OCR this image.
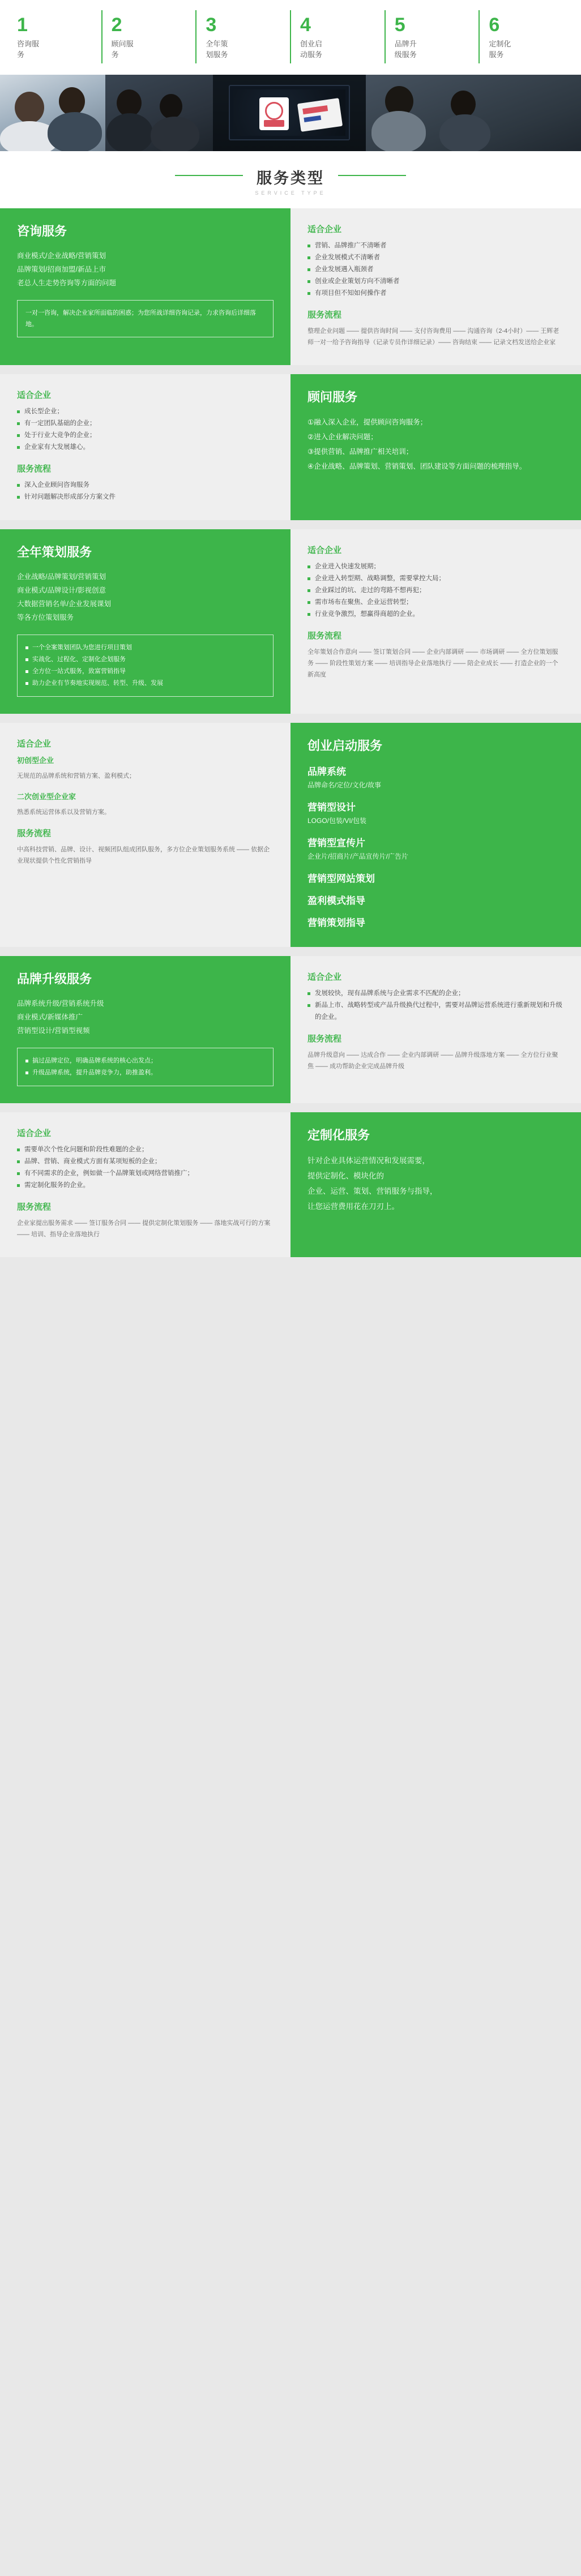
1
咨询服务
2
顾问服务
3
全年策划服务
4
创业启动服务
5
品牌升级服务
6
定制化服务
服务类型
SERVICE TYPE
咨询服务
商业模式/企业战略/营销策划
品牌策划/招商加盟/新品上市
老总人生走势咨询等方面的问题
一对一咨询，解决企业家所面临的困惑；为您所战详细咨询记录，力求咨询后详细落地。
适合企业
营销、品牌推广不清晰者
企业发展模式不清晰者
企业发展遇入瓶颈者
创业或企业策划方向不清晰者
有项目但不知如何操作者
服务流程
整理企业问题 —— 提供咨询时间 —— 支付咨询费用 —— 沟通咨询（2-4小时）—— 王辉老师一对一给予咨询指导（记录专员作详细记录）—— 咨询结束 —— 记录文档发送给企业家
适合企业
成长型企业；
有一定团队基础的企业；
处于行业大竞争的企业；
企业家有大发展雄心。
服务流程
深入企业顾问咨询服务
针对问题解决形成部分方案文件
顾问服务
①融入深入企业，提供顾问咨询服务；
②进入企业解决问题；
③提供营销、品牌推广相关培训；
④企业战略、品牌策划、营销策划、团队建设等方面问题的梳理指导。
全年策划服务
企业战略/品牌策划/营销策划
商业模式/品牌设计/影视创意
大数据营销名单/企业发展课划
等各方位策划服务
一个全案策划团队为您进行项目策划
实战化、过程化、定制化企划服务
全方位一站式服务，致富营销指导
助力企业有节奏地实现规范、转型、升级、发展
适合企业
企业进入快速发展期；
企业进入转型期、战略调整，需要掌控大局；
企业踩过的坑、走过的弯路不想再犯；
需市场布在聚焦、企业运营转型；
行业竞争激烈，想赢得商超的企业。
服务流程
全年策划合作意向 —— 签订策划合同 —— 企业内部调研 —— 市场调研 —— 全方位策划服务 —— 阶段性策划方案 —— 培训指导企业落地执行 —— 陪企业成长 —— 打造企业的一个新高度
适合企业
初创型企业
无规范的品牌系统和营销方案、盈利模式；
二次创业型企业家
熟悉系统运营体系以及营销方案。
服务流程
中高科技营销、品牌、设计、视频团队组成团队服务，多方位企业策划服务系统 —— 依据企业现状提供个性化营销指导
创业启动服务
品牌系统
品牌命名/定位/文化/故事
营销型设计
LOGO/包装/VI/包装
营销型宣传片
企业片/招商片/产品宣传片/广告片
营销型网站策划
盈利模式指导
营销策划指导
品牌升级服务
品牌系统升级/营销系统升级
商业模式/新媒体推广
营销型设计/营销型视频
搞过品牌定位，明确品牌系统的核心出发点；
升级品牌系统，提升品牌竞争力，助推盈利。
适合企业
发展较快，现有品牌系统与企业需求不匹配的企业；
新品上市、战略转型或产品升级换代过程中，需要对品牌运营系统进行重新规划和升级的企业。
服务流程
品牌升级意向 —— 达成合作 —— 企业内部调研 —— 品牌升级落地方案 —— 全方位行业聚焦 —— 成功帮助企业完成品牌升级
适合企业
需要单次个性化问题和阶段性难题的企业；
品牌、营销、商业模式方面有某项短板的企业；
有不同需求的企业，例如做一个品牌策划或网络营销推广；
需定制化服务的企业。
服务流程
企业家提出服务需求 —— 签订服务合同 —— 提供定制化策划服务 —— 落地实战可行的方案 —— 培训、指导企业落地执行
定制化服务
针对企业具体运营情况和发展需要，
提供定制化、模块化的
企业、运营、策划、营销服务与指导，
让您运营费用花在刀刃上。
